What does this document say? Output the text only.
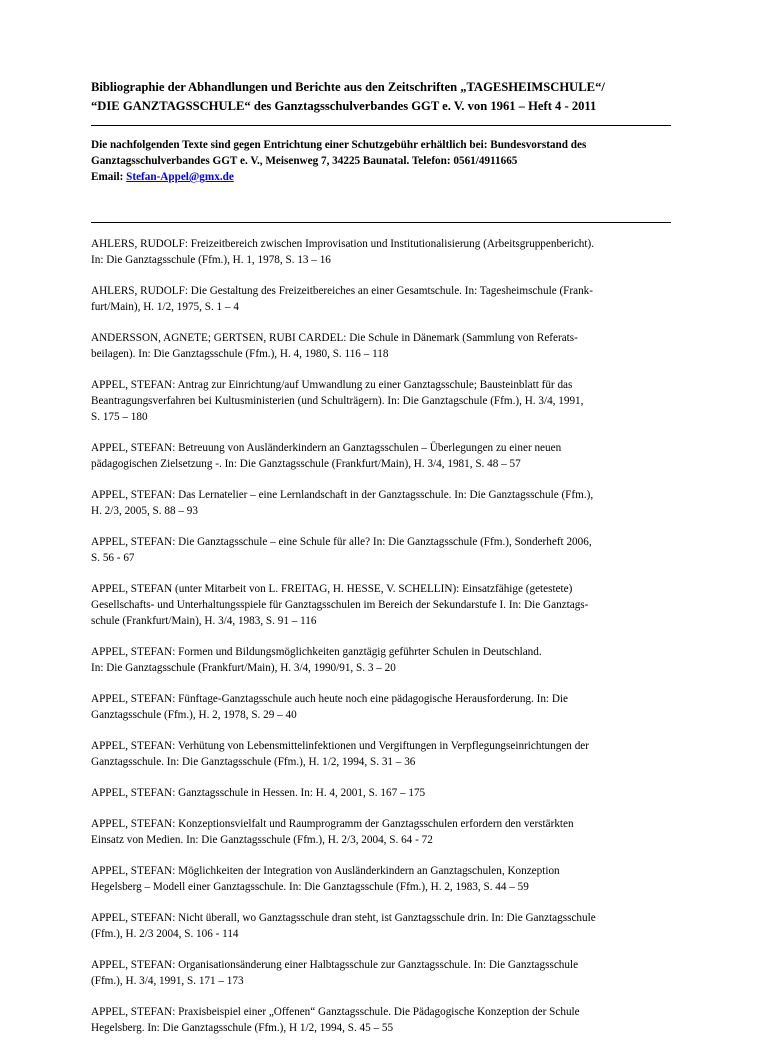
Bibliographie der Abhandlungen und Berichte aus den Zeitschriften „TAGESHEIMSCHULE“/
“DIE GANZTAGSSCHULE“ des Ganztagsschulverbandes GGT e. V. von 1961 – Heft 4 - 2011
Die nachfolgenden Texte sind gegen Entrichtung einer Schutzgebühr erhältlich bei: Bundesvorstand des
Ganztagsschulverbandes GGT e. V., Meisenweg 7, 34225 Baunatal. Telefon: 0561/4911665
Email: Stefan-Appel@gmx.de

AHLERS, RUDOLF: Freizeitbereich zwischen Improvisation und Institutionalisierung (Arbeitsgruppenbericht).
In: Die Ganztagsschule (Ffm.), H. 1, 1978, S. 13 – 16

AHLERS, RUDOLF: Die Gestaltung des Freizeitbereiches an einer Gesamtschule. In: Tagesheimschule (Frank-
furt/Main), H. 1/2, 1975, S. 1 – 4

ANDERSSON, AGNETE; GERTSEN, RUBI CARDEL: Die Schule in Dänemark (Sammlung von Referats-
beilagen). In: Die Ganztagsschule (Ffm.), H. 4, 1980, S. 116 – 118

APPEL, STEFAN: Antrag zur Einrichtung/auf Umwandlung zu einer Ganztagsschule; Bausteinblatt für das
Beantragungsverfahren bei Kultusministerien (und Schulträgern). In: Die Ganztagschule (Ffm.), H. 3/4, 1991,
S. 175 – 180

APPEL, STEFAN: Betreuung von Ausländerkindern an Ganztagsschulen – Überlegungen zu einer neuen
pädagogischen Zielsetzung -. In: Die Ganztagsschule (Frankfurt/Main), H. 3/4, 1981, S. 48 – 57

APPEL, STEFAN: Das Lernatelier – eine Lernlandschaft in der Ganztagsschule. In: Die Ganztagsschule (Ffm.),
H. 2/3, 2005, S. 88 – 93

APPEL, STEFAN: Die Ganztagsschule – eine Schule für alle? In: Die Ganztagsschule (Ffm.), Sonderheft 2006,
S. 56 - 67

APPEL, STEFAN (unter Mitarbeit von L. FREITAG, H. HESSE, V. SCHELLIN): Einsatzfähige (getestete)
Gesellschafts- und Unterhaltungsspiele für Ganztagsschulen im Bereich der Sekundarstufe I. In: Die Ganztags-
schule (Frankfurt/Main), H. 3/4, 1983, S. 91 – 116

APPEL, STEFAN: Formen und Bildungsmöglichkeiten ganztägig geführter Schulen in Deutschland.
In: Die Ganztagsschule (Frankfurt/Main), H. 3/4, 1990/91, S. 3 – 20

APPEL, STEFAN: Fünftage-Ganztagsschule auch heute noch eine pädagogische Herausforderung. In: Die
Ganztagsschule (Ffm.), H. 2, 1978, S. 29 – 40

APPEL, STEFAN: Verhütung von Lebensmittelinfektionen und Vergiftungen in Verpflegungseinrichtungen der
Ganztagsschule. In: Die Ganztagsschule (Ffm.), H. 1/2, 1994, S. 31 – 36

APPEL, STEFAN: Ganztagsschule in Hessen. In: H. 4, 2001, S. 167 – 175

APPEL, STEFAN: Konzeptionsvielfalt und Raumprogramm der Ganztagsschulen erfordern den verstärkten
Einsatz von Medien. In: Die Ganztagsschule (Ffm.), H. 2/3, 2004, S. 64 - 72

APPEL, STEFAN: Möglichkeiten der Integration von Ausländerkindern an Ganztagschulen, Konzeption
Hegelsberg – Modell einer Ganztagsschule. In: Die Ganztagsschule (Ffm.), H. 2, 1983, S. 44 – 59

APPEL, STEFAN: Nicht überall, wo Ganztagsschule dran steht, ist Ganztagsschule drin. In: Die Ganztagsschule
(Ffm.), H. 2/3 2004, S. 106 - 114

APPEL, STEFAN: Organisationsänderung einer Halbtagsschule zur Ganztagsschule. In: Die Ganztagsschule
(Ffm.), H. 3/4, 1991, S. 171 – 173

APPEL, STEFAN: Praxisbeispiel einer „Offenen“ Ganztagsschule. Die Pädagogische Konzeption der Schule
Hegelsberg. In: Die Ganztagsschule (Ffm.), H 1/2, 1994, S. 45 – 55
